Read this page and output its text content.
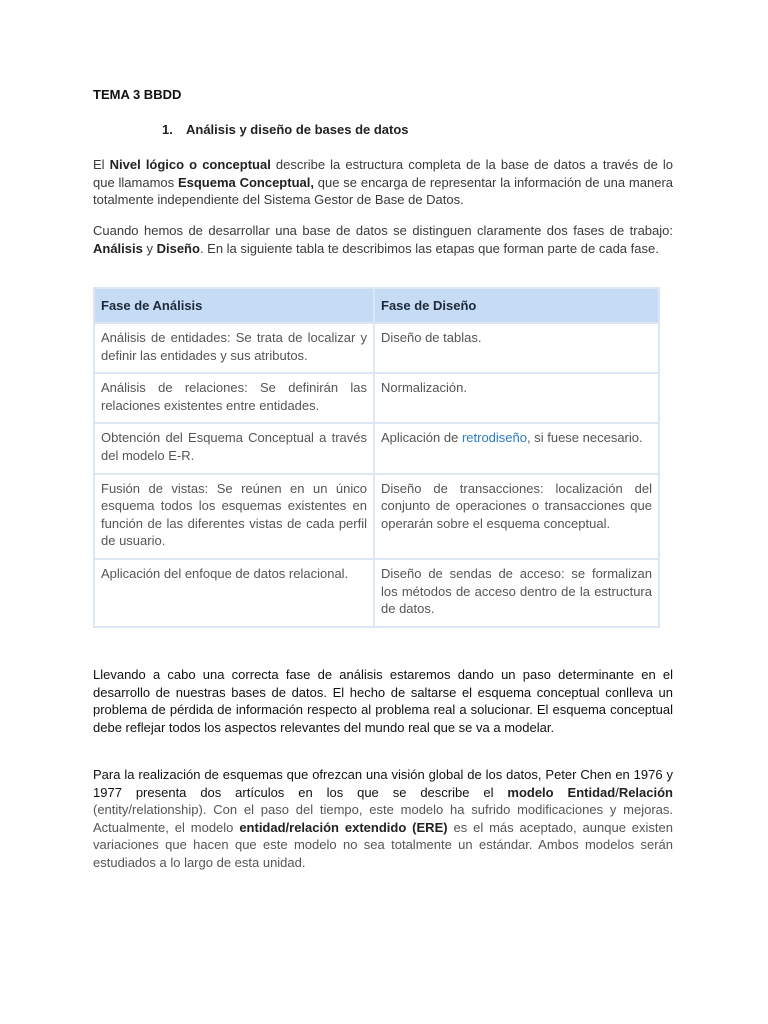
TEMA 3 BBDD
1. Análisis y diseño de bases de datos
El Nivel lógico o conceptual describe la estructura completa de la base de datos a través de lo que llamamos Esquema Conceptual, que se encarga de representar la información de una manera totalmente independiente del Sistema Gestor de Base de Datos.
Cuando hemos de desarrollar una base de datos se distinguen claramente dos fases de trabajo: Análisis y Diseño. En la siguiente tabla te describimos las etapas que forman parte de cada fase.
Fase de Análisis	Fase de Diseño
Análisis de entidades: Se trata de localizar y definir las entidades y sus atributos.	Diseño de tablas.
Análisis de relaciones: Se definirán las relaciones existentes entre entidades.	Normalización.
Obtención del Esquema Conceptual a través del modelo E-R.	Aplicación de retrodiseño, si fuese necesario.
Fusión de vistas: Se reúnen en un único esquema todos los esquemas existentes en función de las diferentes vistas de cada perfil de usuario.	Diseño de transacciones: localización del conjunto de operaciones o transacciones que operarán sobre el esquema conceptual.
Aplicación del enfoque de datos relacional.	Diseño de sendas de acceso: se formalizan los métodos de acceso dentro de la estructura de datos.
Llevando a cabo una correcta fase de análisis estaremos dando un paso determinante en el desarrollo de nuestras bases de datos. El hecho de saltarse el esquema conceptual conlleva un problema de pérdida de información respecto al problema real a solucionar. El esquema conceptual debe reflejar todos los aspectos relevantes del mundo real que se va a modelar.
Para la realización de esquemas que ofrezcan una visión global de los datos, Peter Chen en 1976 y 1977 presenta dos artículos en los que se describe el modelo Entidad/Relación (entity/relationship). Con el paso del tiempo, este modelo ha sufrido modificaciones y mejoras. Actualmente, el modelo entidad/relación extendido (ERE) es el más aceptado, aunque existen variaciones que hacen que este modelo no sea totalmente un estándar. Ambos modelos serán estudiados a lo largo de esta unidad.
